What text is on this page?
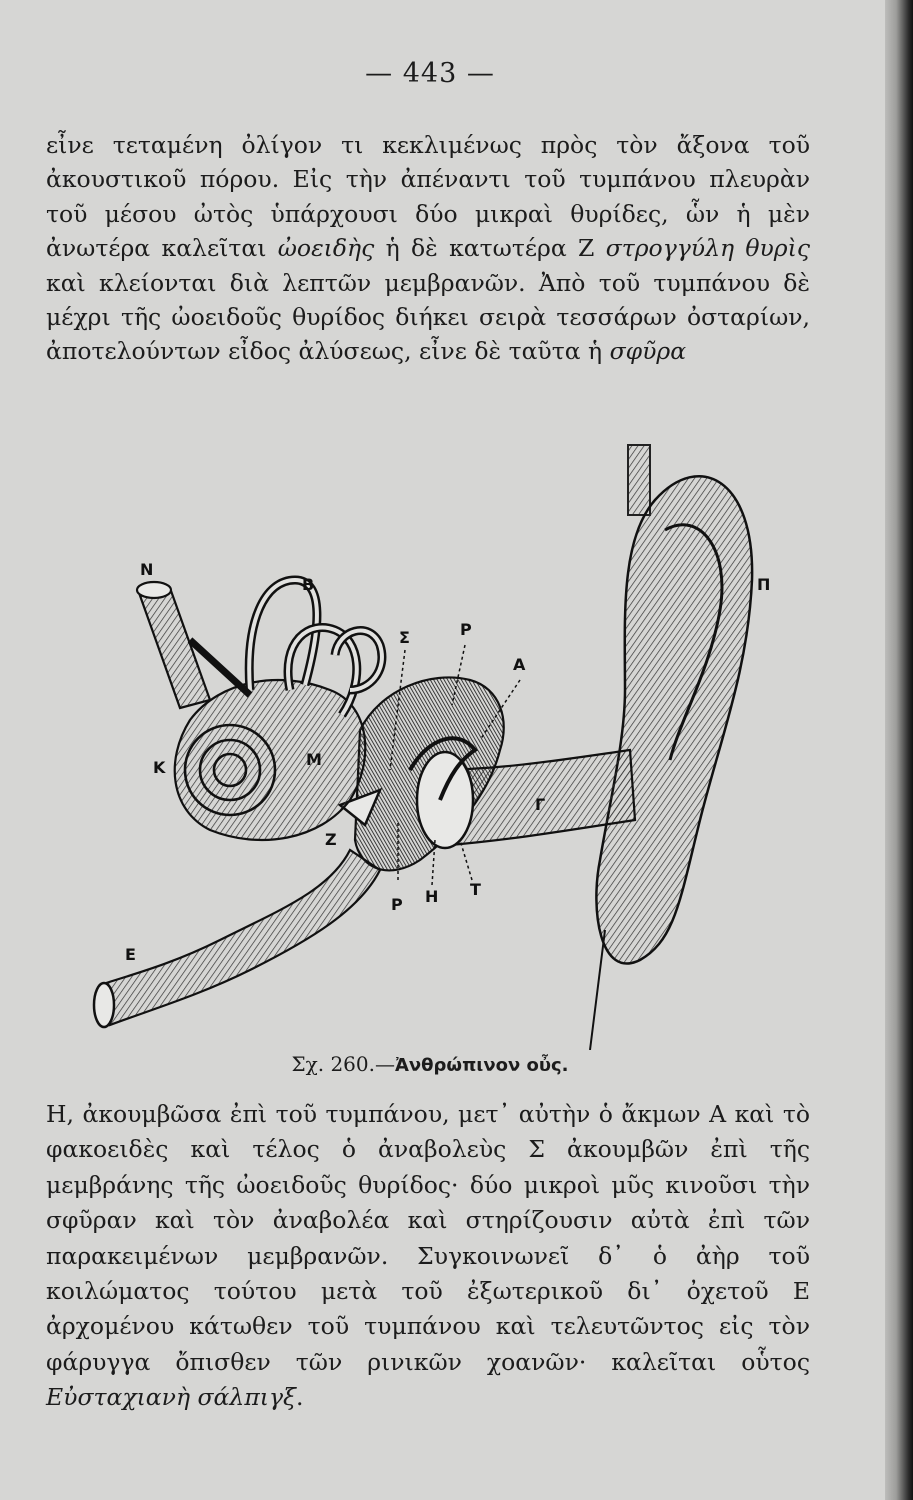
— 443 —

εἶνε τεταμένη ὀλίγον τι κεκλιμένως πρὸς τὸν ἄξονα τοῦ ἀκουστικοῦ πόρου. Εἰς τὴν ἀπέναντι τοῦ τυμπάνου πλευρὰν τοῦ μέσου ὠτὸς ὑπάρχουσι δύο μικραὶ θυρίδες, ὧν ἡ μὲν ἀνωτέρα καλεῖται ὠοειδὴς ἡ δὲ κατωτέρα Ζ στρογγύλη θυρὶς καὶ κλείονται διὰ λεπτῶν μεμβρανῶν. Ἀπὸ τοῦ τυμπάνου δὲ μέχρι τῆς ὠοειδοῦς θυρίδος διήκει σειρὰ τεσσάρων ὀσταρίων, ἀποτελούντων εἶδος ἀλύσεως, εἶνε δὲ ταῦτα ἡ σφῦρα

N
B
Σ	Ρ
Α
Π
Κ	Μ
Ζ
Γ
Ρ Η Τ
Ε
Σχ. 260.—Ἀνθρώπινον οὖς.

Η, ἀκουμβῶσα ἐπὶ τοῦ τυμπάνου, μετ᾽ αὐτὴν ὁ ἄκμων Α καὶ τὸ φακοειδὲς καὶ τέλος ὁ ἀναβολεὺς Σ ἀκουμβῶν ἐπὶ τῆς μεμβράνης τῆς ὠοειδοῦς θυρίδος· δύο μικροὶ μῦς κινοῦσι τὴν σφῦραν καὶ τὸν ἀναβολέα καὶ στηρίζουσιν αὐτὰ ἐπὶ τῶν παρακειμένων μεμβρανῶν. Συγκοινωνεῖ δ᾽ ὁ ἀὴρ τοῦ κοιλώματος τούτου μετὰ τοῦ ἐξωτερικοῦ δι᾽ ὀχετοῦ Ε ἀρχομένου κάτωθεν τοῦ τυμπάνου καὶ τελευτῶντος εἰς τὸν φάρυγγα ὄπισθεν τῶν ρινικῶν χοανῶν· καλεῖται οὗτος Εὐσταχιανὴ σάλπιγξ.
